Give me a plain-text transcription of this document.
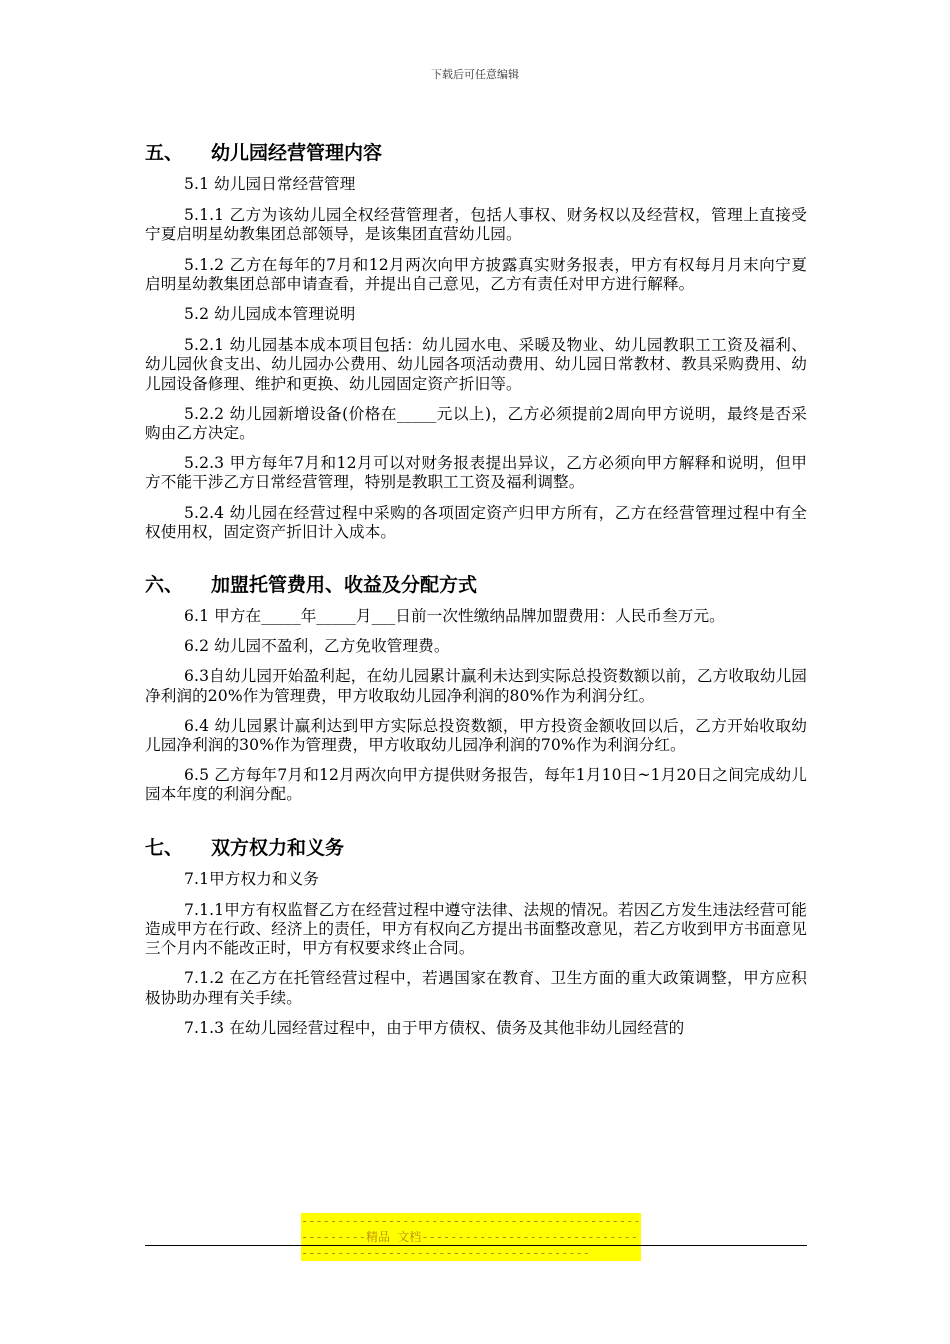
下载后可任意编辑
五、 幼儿园经营管理内容

5.1 幼儿园日常经营管理

5.1.1 乙方为该幼儿园全权经营管理者，包括人事权、财务权以及经营权，管理上直接受宁夏启明星幼教集团总部领导，是该集团直营幼儿园。

5.1.2 乙方在每年的7月和12月两次向甲方披露真实财务报表，甲方有权每月月末向宁夏启明星幼教集团总部申请查看，并提出自己意见，乙方有责任对甲方进行解释。

5.2 幼儿园成本管理说明

5.2.1 幼儿园基本成本项目包括：幼儿园水电、采暖及物业、幼儿园教职工工资及福利、幼儿园伙食支出、幼儿园办公费用、幼儿园各项活动费用、幼儿园日常教材、教具采购费用、幼儿园设备修理、维护和更换、幼儿园固定资产折旧等。

5.2.2 幼儿园新增设备(价格在_____元以上)，乙方必须提前2周向甲方说明，最终是否采购由乙方决定。

5.2.3 甲方每年7月和12月可以对财务报表提出异议，乙方必须向甲方解释和说明，但甲方不能干涉乙方日常经营管理，特别是教职工工资及福利调整。

5.2.4 幼儿园在经营过程中采购的各项固定资产归甲方所有，乙方在经营管理过程中有全权使用权，固定资产折旧计入成本。

六、 加盟托管费用、收益及分配方式

6.1 甲方在_____年_____月___日前一次性缴纳品牌加盟费用：人民币叁万元。

6.2 幼儿园不盈利，乙方免收管理费。

6.3自幼儿园开始盈利起，在幼儿园累计赢利未达到实际总投资数额以前，乙方收取幼儿园净利润的20%作为管理费，甲方收取幼儿园净利润的80%作为利润分红。

6.4 幼儿园累计赢利达到甲方实际总投资数额，甲方投资金额收回以后，乙方开始收取幼儿园净利润的30%作为管理费，甲方收取幼儿园净利润的70%作为利润分红。

6.5 乙方每年7月和12月两次向甲方提供财务报告，每年1月10日~1月20日之间完成幼儿园本年度的利润分配。

七、 双方权力和义务

7.1甲方权力和义务

7.1.1甲方有权监督乙方在经营过程中遵守法律、法规的情况。若因乙方发生违法经营可能造成甲方在行政、经济上的责任，甲方有权向乙方提出书面整改意见，若乙方收到甲方书面意见三个月内不能改正时，甲方有权要求终止合同。

7.1.2 在乙方在托管经营过程中，若遇国家在教育、卫生方面的重大政策调整，甲方应积极协助办理有关手续。

7.1.3 在幼儿园经营过程中，由于甲方债权、债务及其他非幼儿园经营的

--------------------------------------------------------精品 文档----------------------------------------------------------------------
